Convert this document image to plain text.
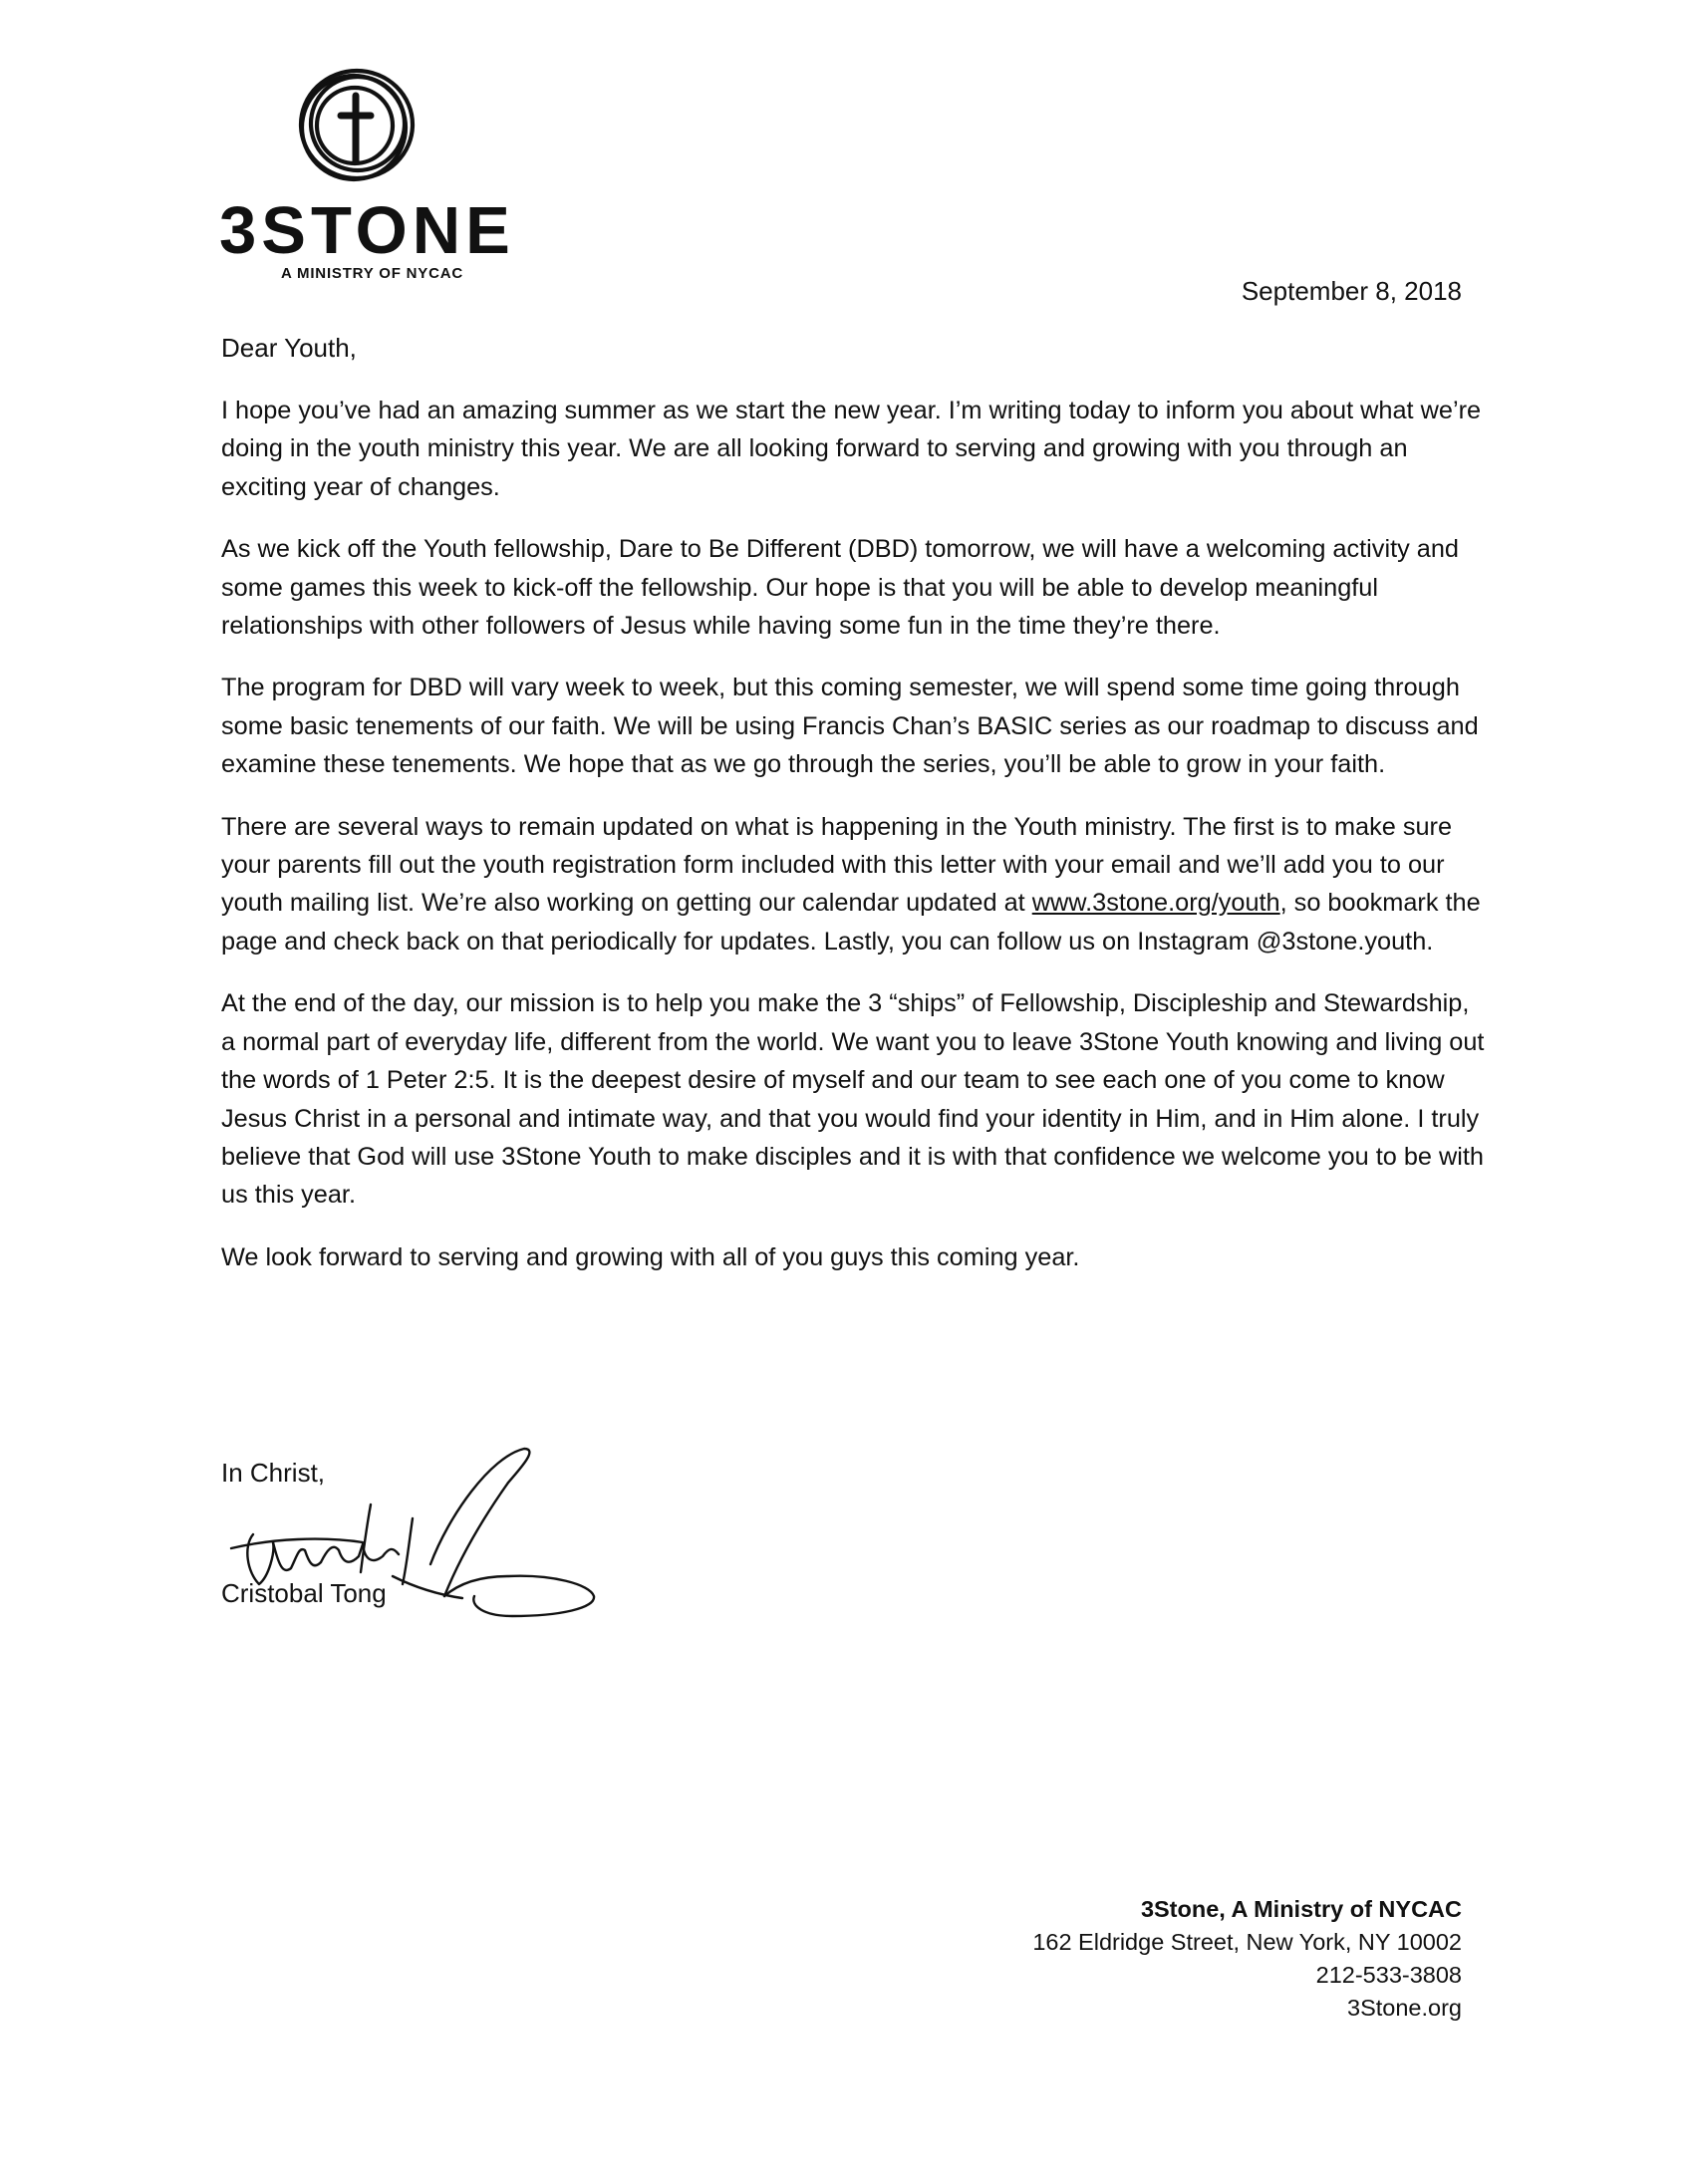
3STONE
A MINISTRY OF NYCAC
September 8, 2018
Dear Youth,

I hope you’ve had an amazing summer as we start the new year. I’m writing today to inform you about what we’re doing in the youth ministry this year. We are all looking forward to serving and growing with you through an exciting year of changes.

As we kick off the Youth fellowship, Dare to Be Different (DBD) tomorrow, we will have a welcoming activity and some games this week to kick-off the fellowship. Our hope is that you will be able to develop meaningful relationships with other followers of Jesus while having some fun in the time they’re there.

The program for DBD will vary week to week, but this coming semester, we will spend some time going through some basic tenements of our faith. We will be using Francis Chan’s BASIC series as our roadmap to discuss and examine these tenements. We hope that as we go through the series, you’ll be able to grow in your faith.

There are several ways to remain updated on what is happening in the Youth ministry. The first is to make sure your parents fill out the youth registration form included with this letter with your email and we’ll add you to our youth mailing list. We’re also working on getting our calendar updated at www.3stone.org/youth, so bookmark the page and check back on that periodically for updates. Lastly, you can follow us on Instagram @3stone.youth.

At the end of the day, our mission is to help you make the 3 “ships” of Fellowship, Discipleship and Stewardship, a normal part of everyday life, different from the world. We want you to leave 3Stone Youth knowing and living out the words of 1 Peter 2:5. It is the deepest desire of myself and our team to see each one of you come to know Jesus Christ in a personal and intimate way, and that you would find your identity in Him, and in Him alone. I truly believe that God will use 3Stone Youth to make disciples and it is with that confidence we welcome you to be with us this year.

We look forward to serving and growing with all of you guys this coming year.

In Christ,
Cristobal Tong
3Stone, A Ministry of NYCAC
162 Eldridge Street, New York, NY 10002
212-533-3808
3Stone.org
